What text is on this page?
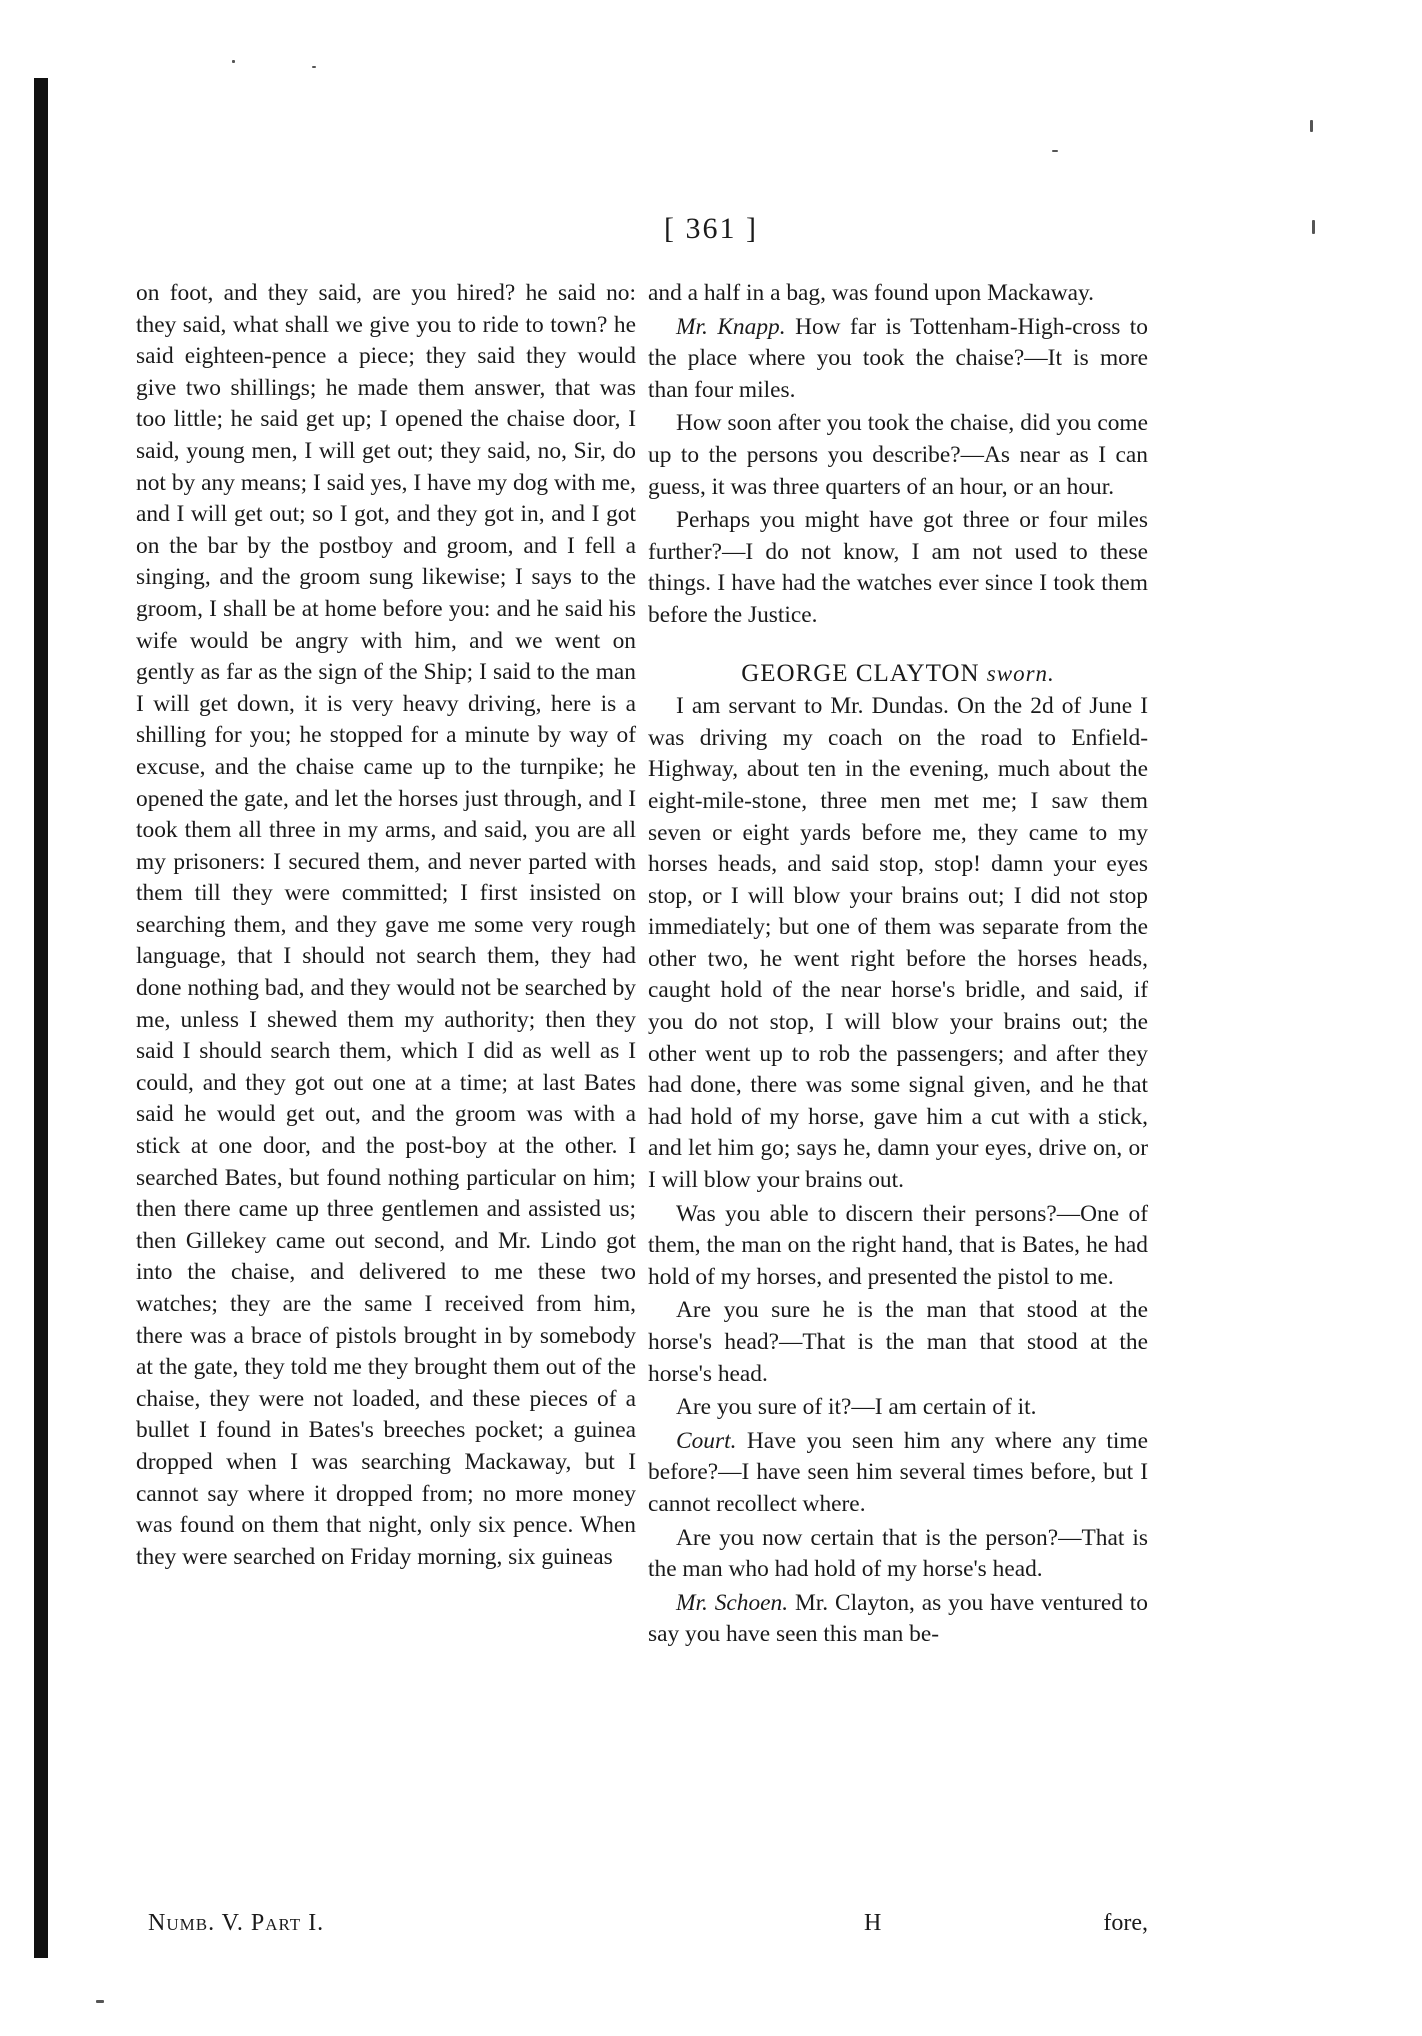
[ 361 ]

on foot, and they said, are you hired? he said no: they said, what shall we give you to ride to town? he said eighteen-pence a piece; they said they would give two shillings; he made them answer, that was too little; he said get up; I opened the chaise door, I said, young men, I will get out; they said, no, Sir, do not by any means; I said yes, I have my dog with me, and I will get out; so I got, and they got in, and I got on the bar by the postboy and groom, and I fell a singing, and the groom sung likewise; I says to the groom, I shall be at home before you: and he said his wife would be angry with him, and we went on gently as far as the sign of the Ship; I said to the man I will get down, it is very heavy driving, here is a shilling for you; he stopped for a minute by way of excuse, and the chaise came up to the turnpike; he opened the gate, and let the horses just through, and I took them all three in my arms, and said, you are all my prisoners: I secured them, and never parted with them till they were committed; I first insisted on searching them, and they gave me some very rough language, that I should not search them, they had done nothing bad, and they would not be searched by me, unless I shewed them my authority; then they said I should search them, which I did as well as I could, and they got out one at a time; at last Bates said he would get out, and the groom was with a stick at one door, and the post-boy at the other. I searched Bates, but found nothing particular on him; then there came up three gentlemen and assisted us; then Gillekey came out second, and Mr. Lindo got into the chaise, and delivered to me these two watches; they are the same I received from him, there was a brace of pistols brought in by somebody at the gate, they told me they brought them out of the chaise, they were not loaded, and these pieces of a bullet I found in Bates's breeches pocket; a guinea dropped when I was searching Mackaway, but I cannot say where it dropped from; no more money was found on them that night, only six pence. When they were searched on Friday morning, six guineas

and a half in a bag, was found upon Mackaway.

Mr. Knapp. How far is Tottenham-High-cross to the place where you took the chaise?—It is more than four miles.

How soon after you took the chaise, did you come up to the persons you describe?—As near as I can guess, it was three quarters of an hour, or an hour.

Perhaps you might have got three or four miles further?—I do not know, I am not used to these things. I have had the watches ever since I took them before the Justice.

GEORGE CLAYTON sworn.

I am servant to Mr. Dundas. On the 2d of June I was driving my coach on the road to Enfield-Highway, about ten in the evening, much about the eight-mile-stone, three men met me; I saw them seven or eight yards before me, they came to my horses heads, and said stop, stop! damn your eyes stop, or I will blow your brains out; I did not stop immediately; but one of them was separate from the other two, he went right before the horses heads, caught hold of the near horse's bridle, and said, if you do not stop, I will blow your brains out; the other went up to rob the passengers; and after they had done, there was some signal given, and he that had hold of my horse, gave him a cut with a stick, and let him go; says he, damn your eyes, drive on, or I will blow your brains out.

Was you able to discern their persons?—One of them, the man on the right hand, that is Bates, he had hold of my horses, and presented the pistol to me.

Are you sure he is the man that stood at the horse's head?—That is the man that stood at the horse's head.

Are you sure of it?—I am certain of it.

Court. Have you seen him any where any time before?—I have seen him several times before, but I cannot recollect where.

Are you now certain that is the person?—That is the man who had hold of my horse's head.

Mr. Schoen. Mr. Clayton, as you have ventured to say you have seen this man be-

Numb. V. Part I.	H	fore,
